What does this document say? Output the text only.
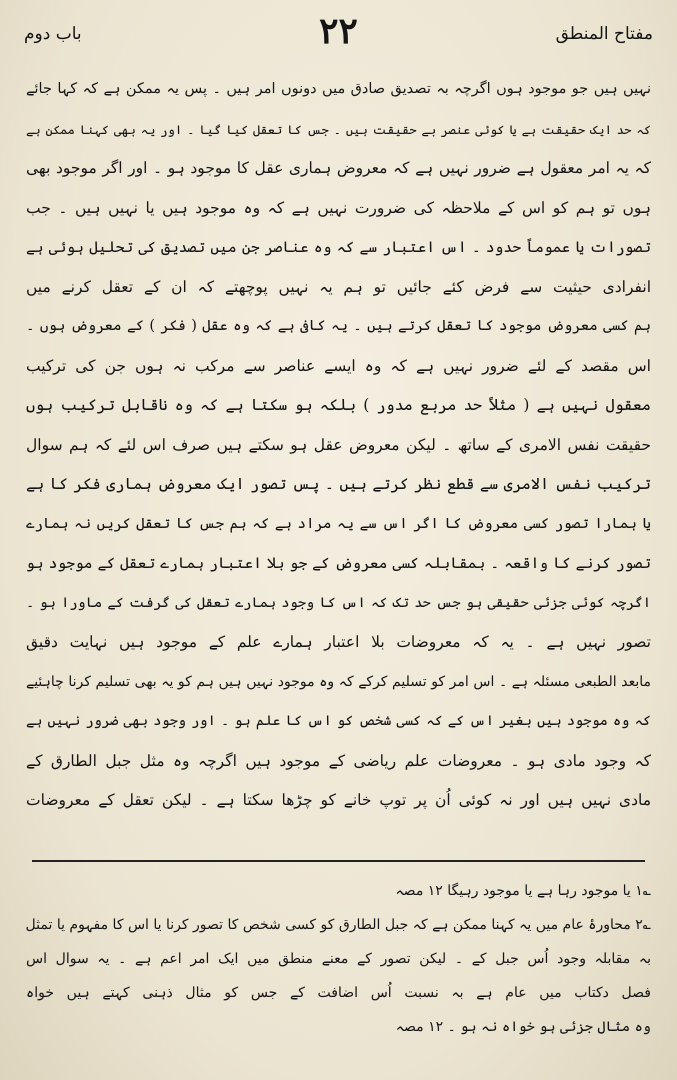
باب دوم	۲۲	مفتاح المنطق
نہیں ہیں جو موجود ہوں اگرچہ بہ تصدیق صادق میں دونوں امر ہیں ۔ پس یہ ممکن ہے کہ کہا جائے
کہ حد ایک حقیقت ہے یا کوئی عنصر بے حقیقت ہیں ۔ جس کا تعقل کیا گیا ۔ اور یہ بھی کہنا ممکن ہے
کہ یہ امر معقول ہے ضرور نہیں ہے کہ معروض ہماری عقل کا موجود ہو ۔ اور اگر موجود بھی
ہوں تو ہم کو اس کے ملاحظہ کی ضرورت نہیں ہے کہ وہ موجود ہیں یا نہیں ہیں ۔ جب
تصورات یا عموماً حدود ۔ اس اعتبار سے کہ وہ عناصر جن میں تصدیق کی تحلیل ہوئی ہے
انفرادی حیثیت سے فرض کئے جائیں تو ہم یہ نہیں پوچھتے کہ ان کے تعقل کرنے میں
ہم کسی معروض موجود کا تعقل کرتے ہیں ۔ یہ کافی ہے کہ وہ عقل ( فکر ) کے معروض ہوں ۔
اس مقصد کے لئے ضرور نہیں ہے کہ وہ ایسے عناصر سے مرکب نہ ہوں جن کی ترکیب
معقول نہیں ہے ( مثلاً حد مربع مدور ) بلکہ ہو سکتا ہے کہ وہ ناقابل ترکیب ہوں
حقیقت نفس الامری کے ساتھ ۔ لیکن معروض عقل ہو سکتے ہیں صرف اس لئے کہ ہم سوال
ترکیب نفس الامری سے قطع نظر کرتے ہیں ۔ پس تصور ایک معروض ہماری فکر کا ہے
یا ہمارا تصور کسی معروض کا اگر اس سے یہ مراد ہے کہ ہم جس کا تعقل کریں نہ ہمارے
تصور کرنے کا واقعہ ۔ بمقابلہ کسی معروض کے جو بلا اعتبار ہمارے تعقل کے موجود ہو
اگرچہ کوئی جزئی حقیقی ہو جس حد تک کہ اس کا وجود ہمارے تعقل کی گرفت کے ماورا ہو ۔
تصور نہیں ہے ۔ یہ کہ معروضات بلا اعتبار ہمارے علم کے موجود ہیں نہایت دقیق
مابعد الطبعی مسئلہ ہے ۔ اس امر کو تسلیم کرکے کہ وہ موجود نہیں ہیں ہم کو یہ بھی تسلیم کرنا چاہئیے
کہ وہ موجود ہیں بغیر اس کے کہ کسی شخص کو اس کا علم ہو ۔ اور وجود بھی ضرور نہیں ہے
کہ وجود مادی ہو ۔ معروضات علم ریاضی کے موجود ہیں اگرچہ وہ مثل جبل الطارق کے
مادی نہیں ہیں اور نہ کوئی اُن پر توپ خانے کو چڑھا سکتا ہے ۔ لیکن تعقل کے معروضات
؎۱ یا موجود رہا ہے یا موجود رہیگا ۱۲ مصہ
؎۲ محاورۂ عام میں یہ کہنا ممکن ہے کہ جبل الطارق کو کسی شخص کا تصور کرنا یا اس کا مفہوم یا تمثل
بہ مقابلہ وجود اُس جبل کے ۔ لیکن تصور کے معنے منطق میں ایک امر اعم ہے ۔ یہ سوال اس
فصل دکتاب میں عام ہے بہ نسبت اُس اضافت کے جس کو مثال ذہنی کہتے ہیں خواہ
وہ مثال جزئی ہو خواہ نہ ہو ۔ ۱۲ مصہ
